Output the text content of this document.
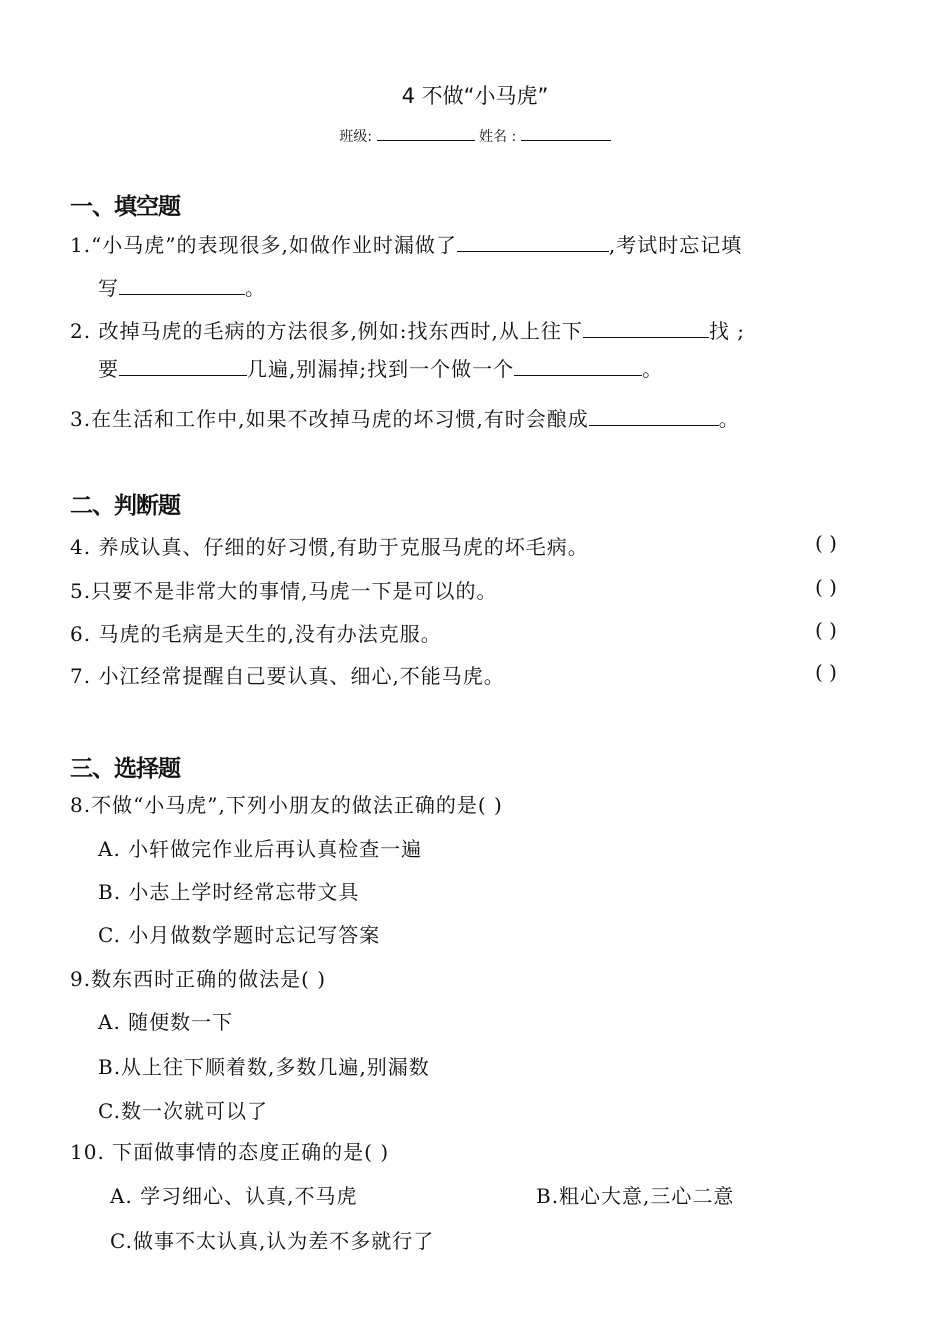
4 不做“小马虎”
班级:	姓名 :
一、填空题
1.“小马虎”的表现很多,如做作业时漏做了	,考试时忘记填
写	。
2. 改掉马虎的毛病的方法很多,例如:找东西时,从上往下	找 ;
要	几遍,别漏掉;找到一个做一个	。
3.在生活和工作中,如果不改掉马虎的坏习惯,有时会酿成	。
二、判断题
4. 养成认真、仔细的好习惯,有助于克服马虎的坏毛病。	( )
5.只要不是非常大的事情,马虎一下是可以的。	( )
6. 马虎的毛病是天生的,没有办法克服。	( )
7. 小江经常提醒自己要认真、细心,不能马虎。	( )
三、选择题
8.不做“小马虎”,下列小朋友的做法正确的是( )
A. 小轩做完作业后再认真检查一遍
B. 小志上学时经常忘带文具
C. 小月做数学题时忘记写答案
9.数东西时正确的做法是( )
A. 随便数一下
B.从上往下顺着数,多数几遍,别漏数
C.数一次就可以了
10. 下面做事情的态度正确的是( )
A. 学习细心、认真,不马虎	B.粗心大意,三心二意
C.做事不太认真,认为差不多就行了
